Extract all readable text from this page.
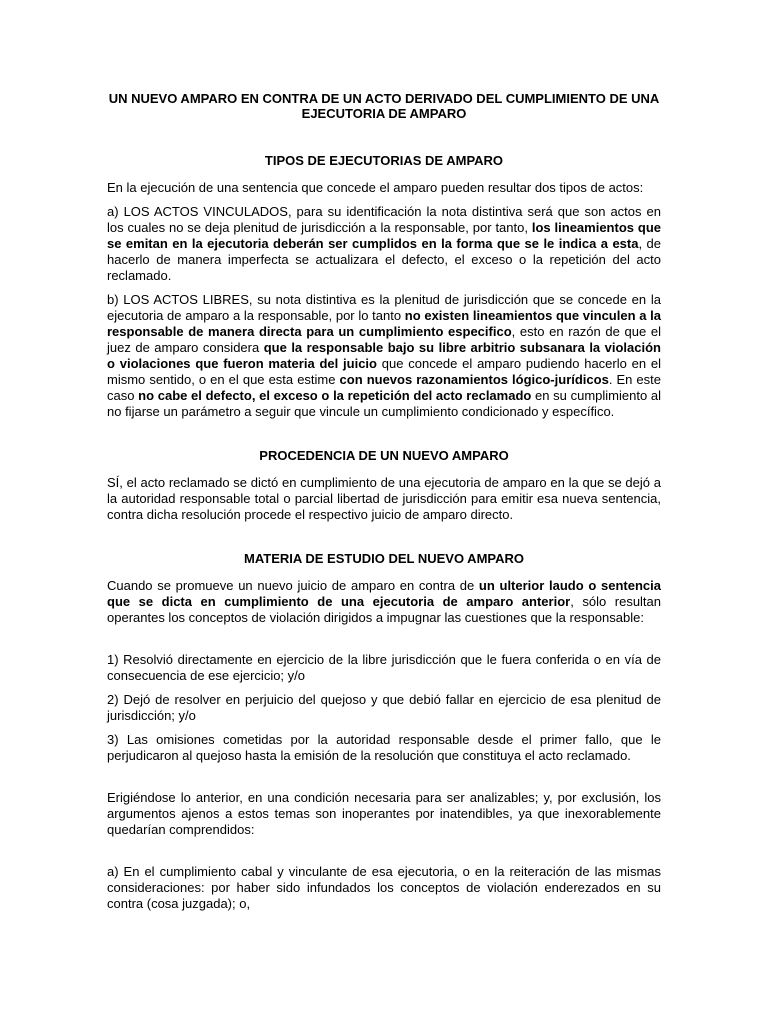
UN NUEVO AMPARO EN CONTRA DE UN ACTO DERIVADO DEL CUMPLIMIENTO DE UNA
EJECUTORIA DE AMPARO
TIPOS DE EJECUTORIAS DE AMPARO

En la ejecución de una sentencia que concede el amparo pueden resultar dos tipos de actos:

a) LOS ACTOS VINCULADOS, para su identificación la nota distintiva será que son actos en los cuales no se deja plenitud de jurisdicción a la responsable, por tanto, los lineamientos que se emitan en la ejecutoria deberán ser cumplidos en la forma que se le indica a esta, de hacerlo de manera imperfecta se actualizara el defecto, el exceso o la repetición del acto reclamado.

b) LOS ACTOS LIBRES, su nota distintiva es la plenitud de jurisdicción que se concede en la ejecutoria de amparo a la responsable, por lo tanto no existen lineamientos que vinculen a la responsable de manera directa para un cumplimiento especifico, esto en razón de que el juez de amparo considera que la responsable bajo su libre arbitrio subsanara la violación o violaciones que fueron materia del juicio que concede el amparo pudiendo hacerlo en el mismo sentido, o en el que esta estime con nuevos razonamientos lógico-jurídicos. En este caso no cabe el defecto, el exceso o la repetición del acto reclamado en su cumplimiento al no fijarse un parámetro a seguir que vincule un cumplimiento condicionado y específico.

PROCEDENCIA DE UN NUEVO AMPARO

SÍ, el acto reclamado se dictó en cumplimiento de una ejecutoria de amparo en la que se dejó a la autoridad responsable total o parcial libertad de jurisdicción para emitir esa nueva sentencia, contra dicha resolución procede el respectivo juicio de amparo directo.

MATERIA DE ESTUDIO DEL NUEVO AMPARO

Cuando se promueve un nuevo juicio de amparo en contra de un ulterior laudo o sentencia que se dicta en cumplimiento de una ejecutoria de amparo anterior, sólo resultan operantes los conceptos de violación dirigidos a impugnar las cuestiones que la responsable:

1) Resolvió directamente en ejercicio de la libre jurisdicción que le fuera conferida o en vía de consecuencia de ese ejercicio; y/o

2) Dejó de resolver en perjuicio del quejoso y que debió fallar en ejercicio de esa plenitud de jurisdicción; y/o

3) Las omisiones cometidas por la autoridad responsable desde el primer fallo, que le perjudicaron al quejoso hasta la emisión de la resolución que constituya el acto reclamado.

Erigiéndose lo anterior, en una condición necesaria para ser analizables; y, por exclusión, los argumentos ajenos a estos temas son inoperantes por inatendibles, ya que inexorablemente quedarían comprendidos:

a) En el cumplimiento cabal y vinculante de esa ejecutoria, o en la reiteración de las mismas consideraciones: por haber sido infundados los conceptos de violación enderezados en su contra (cosa juzgada); o,
